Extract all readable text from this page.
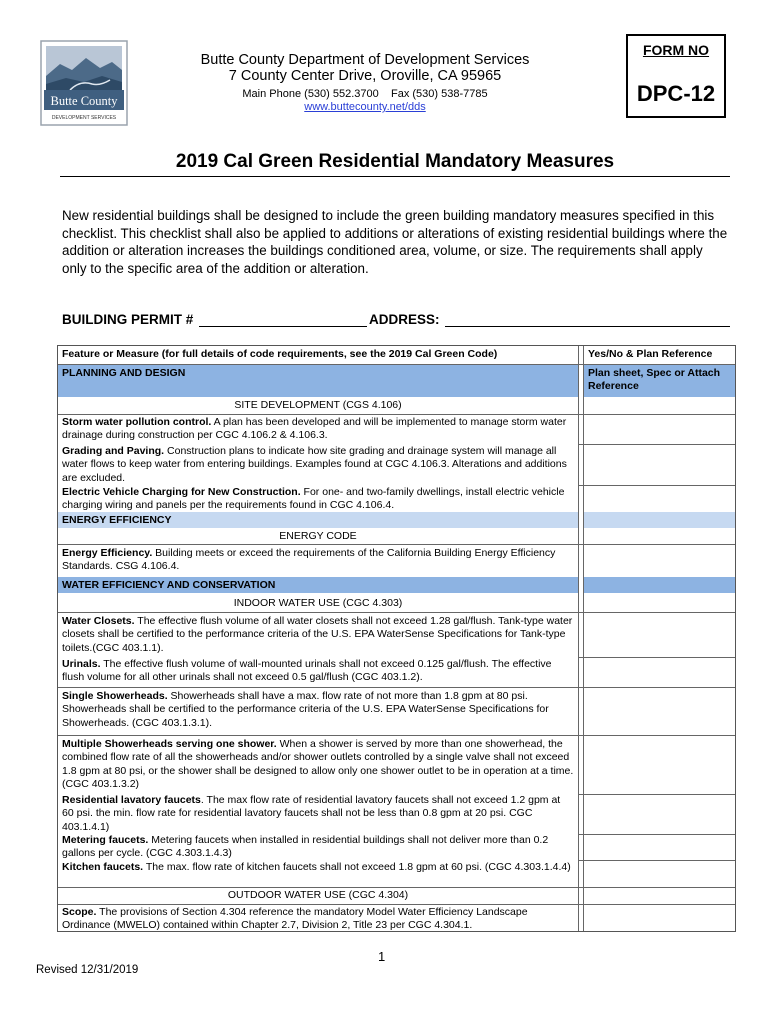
Butte County
DEVELOPMENT SERVICES
Butte County Department of Development Services
7 County Center Drive, Oroville, CA 95965
Main Phone (530) 552.3700    Fax (530) 538-7785
www.buttecounty.net/dds
FORM NO
DPC-12
2019 Cal Green Residential Mandatory Measures
New residential buildings shall be designed to include the green building mandatory measures specified in this checklist. This checklist shall also be applied to additions or alterations of existing residential buildings where the addition or alteration increases the buildings conditioned area, volume, or size. The requirements shall apply only to the specific area of the addition or alteration.
BUILDING PERMIT #	ADDRESS:
Feature or Measure (for full details of code requirements, see the 2019 Cal Green Code)	Yes/No & Plan Reference
PLANNING AND DESIGN	Plan sheet, Spec or Attach Reference
SITE DEVELOPMENT (CGS 4.106)
Storm water pollution control. A plan has been developed and will be implemented to manage storm water drainage during construction per CGC 4.106.2 & 4.106.3.
Grading and Paving. Construction plans to indicate how site grading and drainage system will manage all water flows to keep water from entering buildings. Examples found at CGC 4.106.3. Alterations and additions are excluded.
Electric Vehicle Charging for New Construction. For one- and two-family dwellings, install electric vehicle charging wiring and panels per the requirements found in CGC 4.106.4.
ENERGY EFFICIENCY
ENERGY CODE
Energy Efficiency. Building meets or exceed the requirements of the California Building Energy Efficiency Standards. CSG 4.106.4.
WATER EFFICIENCY AND CONSERVATION
INDOOR WATER USE (CGC 4.303)
Water Closets. The effective flush volume of all water closets shall not exceed 1.28 gal/flush. Tank-type water closets shall be certified to the performance criteria of the U.S. EPA WaterSense Specifications for Tank-type toilets.(CGC 403.1.1).
Urinals. The effective flush volume of wall-mounted urinals shall not exceed 0.125 gal/flush. The effective flush volume for all other urinals shall not exceed 0.5 gal/flush (CGC 403.1.2).
Single Showerheads. Showerheads shall have a max. flow rate of not more than 1.8 gpm at 80 psi. Showerheads shall be certified to the performance criteria of the U.S. EPA WaterSense Specifications for Showerheads. (CGC 403.1.3.1).
Multiple Showerheads serving one shower. When a shower is served by more than one showerhead, the combined flow rate of all the showerheads and/or shower outlets controlled by a single valve shall not exceed 1.8 gpm at 80 psi, or the shower shall be designed to allow only one shower outlet to be in operation at a time. (CGC 403.1.3.2)
Residential lavatory faucets. The max flow rate of residential lavatory faucets shall not exceed 1.2 gpm at 60 psi. the min. flow rate for residential lavatory faucets shall not be less than 0.8 gpm at 20 psi. CGC 403.1.4.1)
Metering faucets. Metering faucets when installed in residential buildings shall not deliver more than 0.2 gallons per cycle. (CGC 4.303.1.4.3)
Kitchen faucets. The max. flow rate of kitchen faucets shall not exceed 1.8 gpm at 60 psi. (CGC 4.303.1.4.4)
OUTDOOR WATER USE (CGC 4.304)
Scope. The provisions of Section 4.304 reference the mandatory Model Water Efficiency Landscape Ordinance (MWELO) contained within Chapter 2.7, Division 2, Title 23 per CGC 4.304.1.
1
Revised 12/31/2019
